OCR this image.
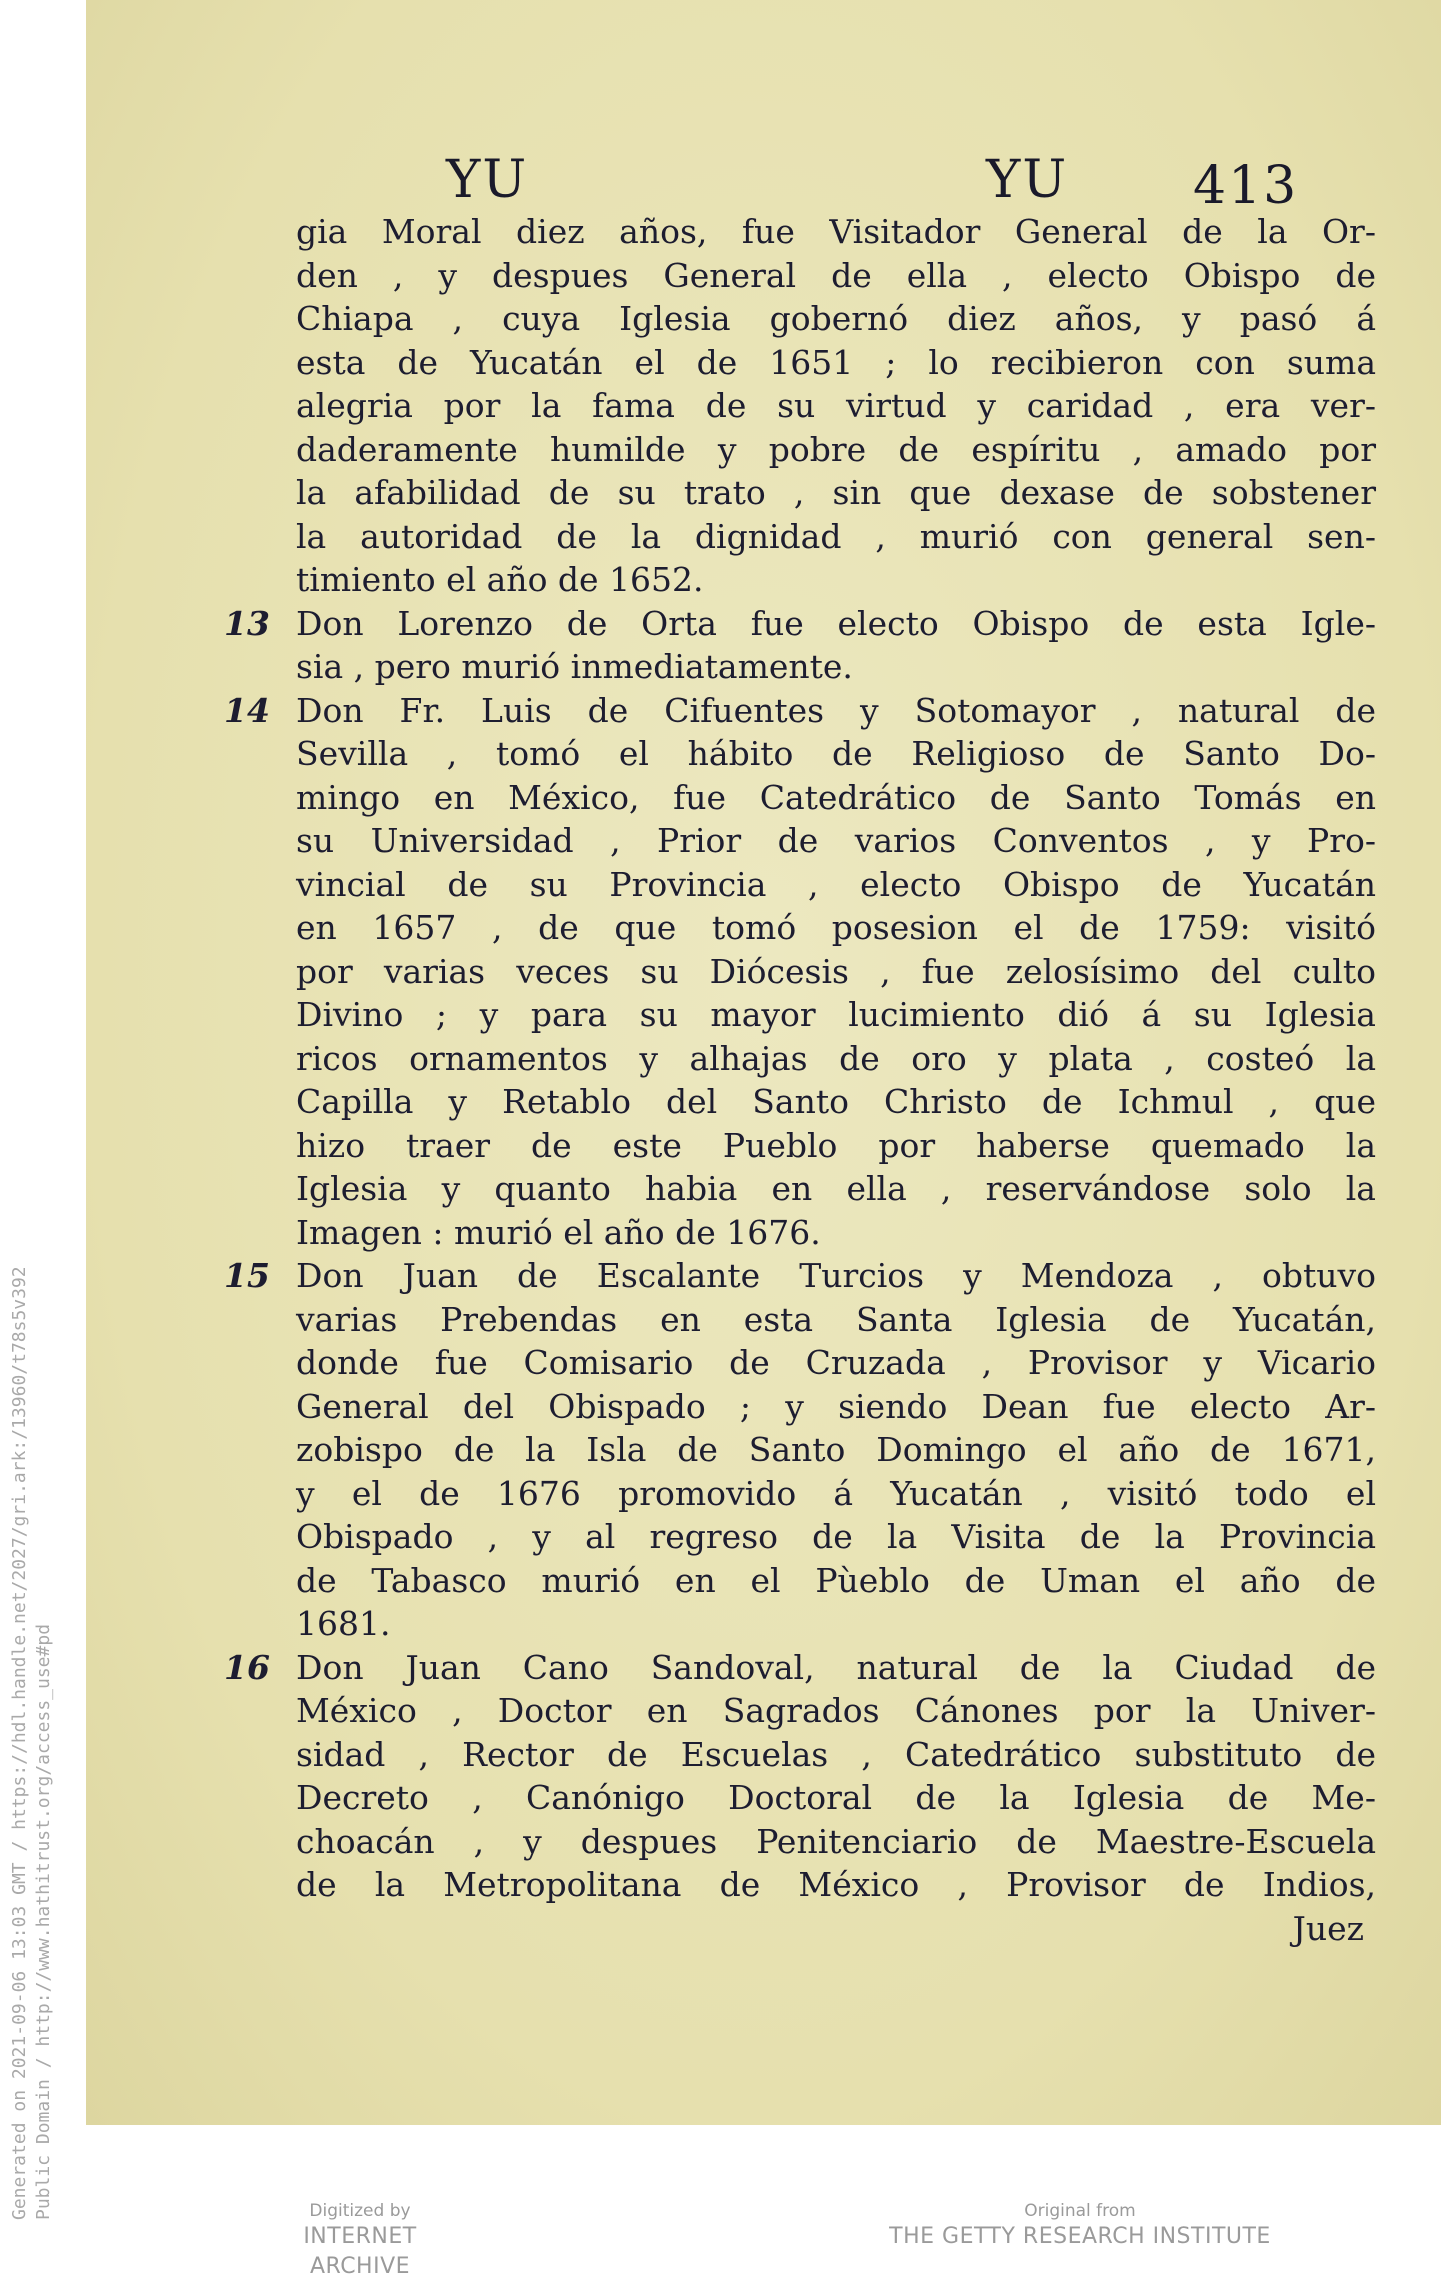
YU	YU 413
gia Moral diez años, fue Visitador General de la Or-
den , y despues General de ella , electo Obispo de
Chiapa , cuya Iglesia gobernó diez años, y pasó á
esta de Yucatán el de 1651 ; lo recibieron con suma
alegria por la fama de su virtud y caridad , era ver-
daderamente humilde y pobre de espíritu , amado por
la afabilidad de su trato , sin que dexase de sobstener
la autoridad de la dignidad , murió con general sen-
timiento el año de 1652.
13 Don Lorenzo de Orta fue electo Obispo de esta Igle-
sia , pero murió inmediatamente.
14 Don Fr. Luis de Cifuentes y Sotomayor , natural de
Sevilla , tomó el hábito de Religioso de Santo Do-
mingo en México, fue Catedrático de Santo Tomás en
su Universidad , Prior de varios Conventos , y Pro-
vincial de su Provincia , electo Obispo de Yucatán
en 1657 , de que tomó posesion el de 1759: visitó
por varias veces su Diócesis , fue zelosísimo del culto
Divino ; y para su mayor lucimiento dió á su Iglesia
ricos ornamentos y alhajas de oro y plata , costeó la
Capilla y Retablo del Santo Christo de Ichmul , que
hizo traer de este Pueblo por haberse quemado la
Iglesia y quanto habia en ella , reservándose solo la
Imagen : murió el año de 1676.
15 Don Juan de Escalante Turcios y Mendoza , obtuvo
varias Prebendas en esta Santa Iglesia de Yucatán,
donde fue Comisario de Cruzada , Provisor y Vicario
General del Obispado ; y siendo Dean fue electo Ar-
zobispo de la Isla de Santo Domingo el año de 1671,
y el de 1676 promovido á Yucatán , visitó todo el
Obispado , y al regreso de la Visita de la Provincia
de Tabasco murió en el Pùeblo de Uman el año de
1681.
16 Don Juan Cano Sandoval, natural de la Ciudad de
México , Doctor en Sagrados Cánones por la Univer-
sidad , Rector de Escuelas , Catedrático substituto de
Decreto , Canónigo Doctoral de la Iglesia de Me-
choacán , y despues Penitenciario de Maestre-Escuela
de la Metropolitana de México , Provisor de Indios,
Juez
Generated on 2021-09-06 13:03 GMT / https://hdl.handle.net/2027/gri.ark:/13960/t78s5v392 Public Domain / http://www.hathitrust.org/access_use#pd	Digitized by
INTERNET ARCHIVE
Original from
THE GETTY RESEARCH INSTITUTE
